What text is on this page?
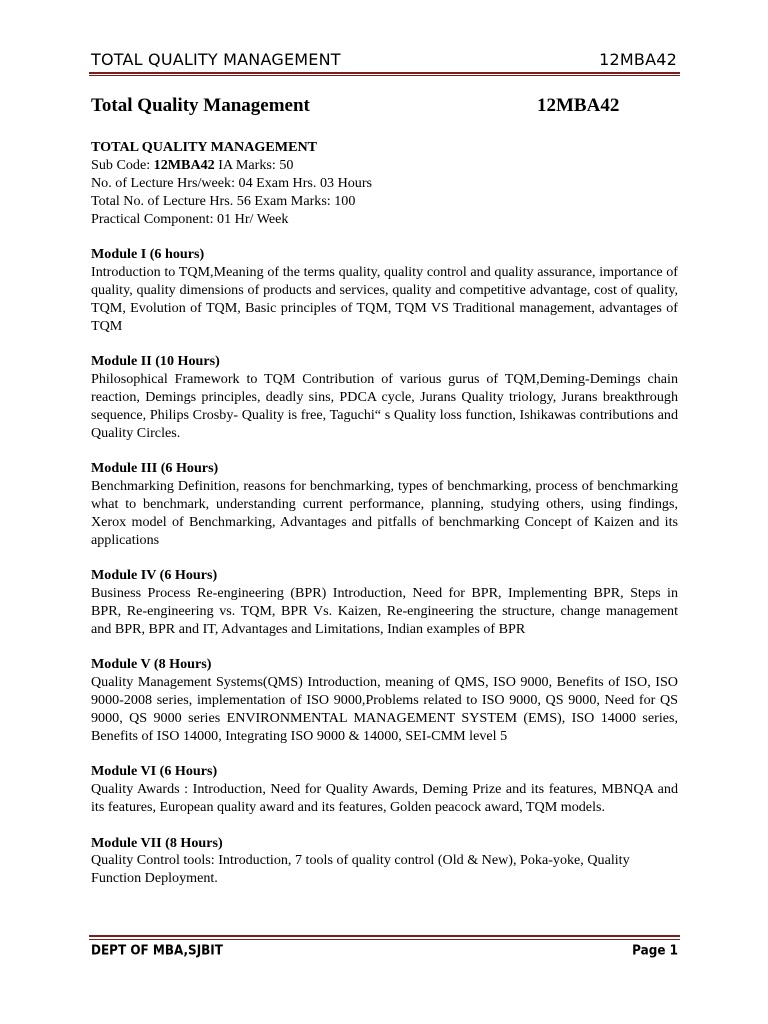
TOTAL QUALITY MANAGEMENT	12MBA42
Total Quality Management	12MBA42
TOTAL QUALITY MANAGEMENT
Sub Code: 12MBA42 IA Marks: 50
No. of Lecture Hrs/week: 04 Exam Hrs. 03 Hours
Total No. of Lecture Hrs. 56 Exam Marks: 100
Practical Component: 01 Hr/ Week
Module I (6 hours)
Introduction to TQM,Meaning of the terms quality, quality control and quality assurance, importance of quality, quality dimensions of products and services, quality and competitive advantage, cost of quality, TQM, Evolution of TQM, Basic principles of TQM, TQM VS Traditional management, advantages of TQM
Module II (10 Hours)
Philosophical Framework to TQM Contribution of various gurus of TQM,Deming-Demings chain reaction, Demings principles, deadly sins, PDCA cycle, Jurans Quality triology, Jurans breakthrough sequence, Philips Crosby- Quality is free, Taguchi“ s Quality loss function, Ishikawas contributions and Quality Circles.
Module III (6 Hours)
Benchmarking Definition, reasons for benchmarking, types of benchmarking, process of benchmarking what to benchmark, understanding current performance, planning, studying others, using findings, Xerox model of Benchmarking, Advantages and pitfalls of benchmarking Concept of Kaizen and its applications
Module IV (6 Hours)
Business Process Re-engineering (BPR) Introduction, Need for BPR, Implementing BPR, Steps in BPR, Re-engineering vs. TQM, BPR Vs. Kaizen, Re-engineering the structure, change management and BPR, BPR and IT, Advantages and Limitations, Indian examples of BPR
Module V (8 Hours)
Quality Management Systems(QMS) Introduction, meaning of QMS, ISO 9000, Benefits of ISO, ISO 9000-2008 series, implementation of ISO 9000,Problems related to ISO 9000, QS 9000, Need for QS 9000, QS 9000 series ENVIRONMENTAL MANAGEMENT SYSTEM (EMS), ISO 14000 series, Benefits of ISO 14000, Integrating ISO 9000 & 14000, SEI-CMM level 5
Module VI (6 Hours)
Quality Awards : Introduction, Need for Quality Awards, Deming Prize and its features, MBNQA and its features, European quality award and its features, Golden peacock award, TQM models.
Module VII (8 Hours)
Quality Control tools: Introduction, 7 tools of quality control (Old & New), Poka-yoke, Quality Function Deployment.
DEPT OF MBA,SJBIT	Page 1
